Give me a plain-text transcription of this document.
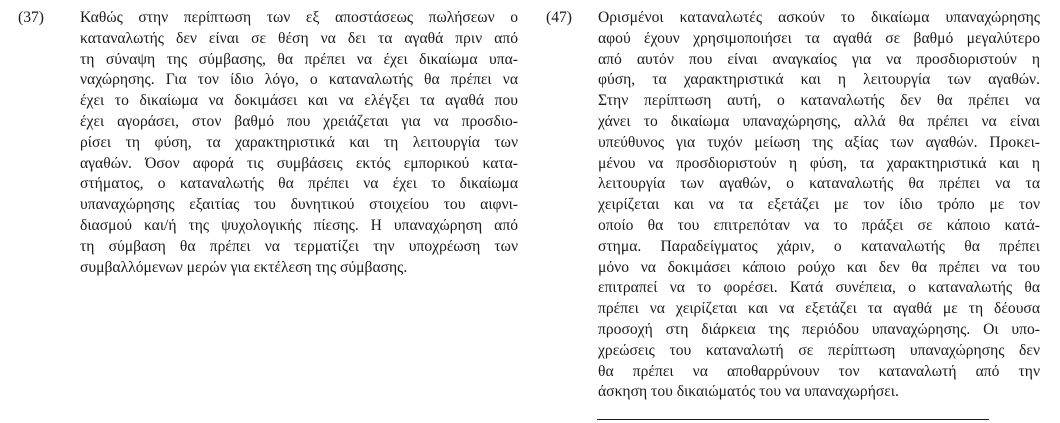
(37)	Καθώς στην περίπτωση των εξ αποστάσεως πωλήσεων ο
καταναλωτής δεν είναι σε θέση να δει τα αγαθά πριν από
τη σύναψη της σύμβασης, θα πρέπει να έχει δικαίωμα υπα-
ναχώρησης. Για τον ίδιο λόγο, ο καταναλωτής θα πρέπει να
έχει το δικαίωμα να δοκιμάσει και να ελέγξει τα αγαθά που
έχει αγοράσει, στον βαθμό που χρειάζεται για να προσδιο-
ρίσει τη φύση, τα χαρακτηριστικά και τη λειτουργία των
αγαθών. Όσον αφορά τις συμβάσεις εκτός εμπορικού κατα-
στήματος, ο καταναλωτής θα πρέπει να έχει το δικαίωμα
υπαναχώρησης εξαιτίας του δυνητικού στοιχείου του αιφνι-
διασμού και/ή της ψυχολογικής πίεσης. Η υπαναχώρηση από
τη σύμβαση θα πρέπει να τερματίζει την υποχρέωση των
συμβαλλόμενων μερών για εκτέλεση της σύμβασης.
(47)	Ορισμένοι καταναλωτές ασκούν το δικαίωμα υπαναχώρησης
αφού έχουν χρησιμοποιήσει τα αγαθά σε βαθμό μεγαλύτερο
από αυτόν που είναι αναγκαίος για να προσδιοριστούν η
φύση, τα χαρακτηριστικά και η λειτουργία των αγαθών.
Στην περίπτωση αυτή, ο καταναλωτής δεν θα πρέπει να
χάνει το δικαίωμα υπαναχώρησης, αλλά θα πρέπει να είναι
υπεύθυνος για τυχόν μείωση της αξίας των αγαθών. Προκει-
μένου να προσδιοριστούν η φύση, τα χαρακτηριστικά και η
λειτουργία των αγαθών, ο καταναλωτής θα πρέπει να τα
χειρίζεται και να τα εξετάζει με τον ίδιο τρόπο με τον
οποίο θα του επιτρεπόταν να το πράξει σε κάποιο κατά-
στημα. Παραδείγματος χάριν, ο καταναλωτής θα πρέπει
μόνο να δοκιμάσει κάποιο ρούχο και δεν θα πρέπει να του
επιτραπεί να το φορέσει. Κατά συνέπεια, ο καταναλωτής θα
πρέπει να χειρίζεται και να εξετάζει τα αγαθά με τη δέουσα
προσοχή στη διάρκεια της περιόδου υπαναχώρησης. Οι υπο-
χρεώσεις του καταναλωτή σε περίπτωση υπαναχώρησης δεν
θα πρέπει να αποθαρρύνουν τον καταναλωτή από την
άσκηση του δικαιώματός του να υπαναχωρήσει.
